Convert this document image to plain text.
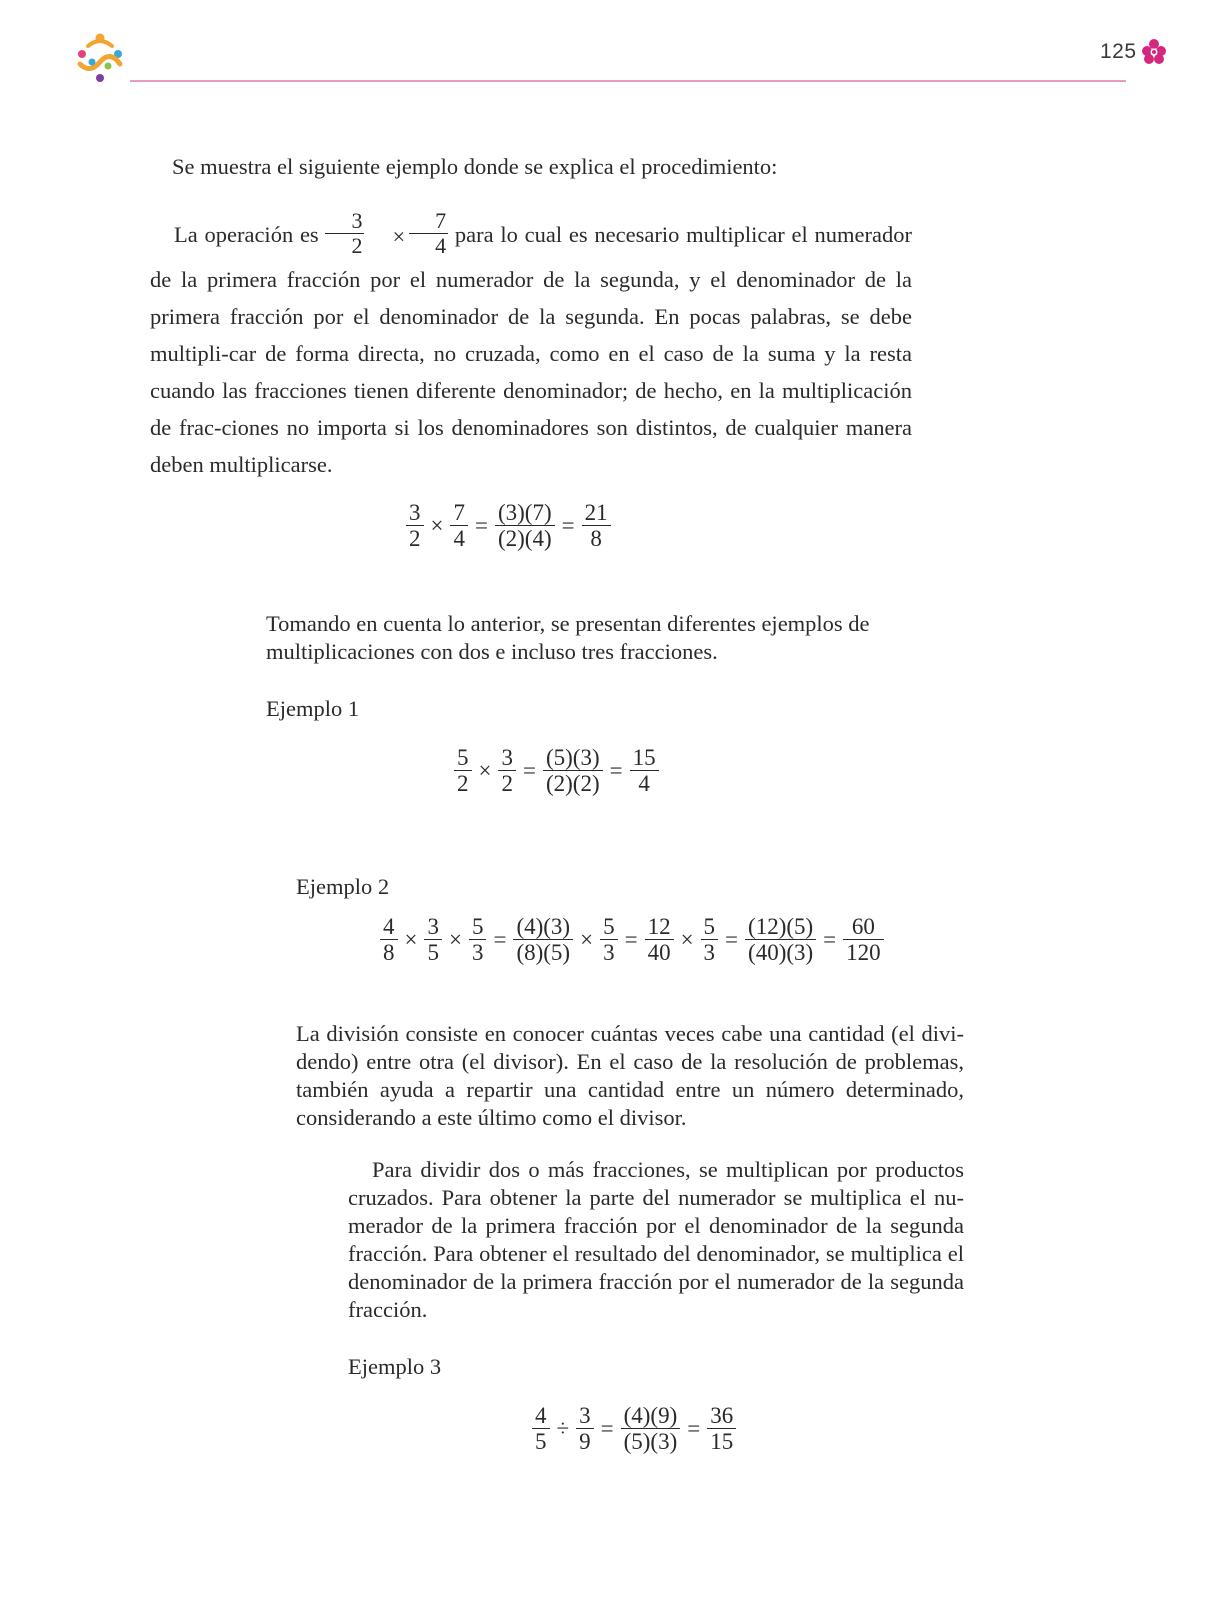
125

Se muestra el siguiente ejemplo donde se explica el procedimiento:

La operación es $\frac{3}{2} \times \frac{7}{4}$ para lo cual es necesario multiplicar el numerador de la primera fracción por el numerador de la segunda, y el denominador de la primera fracción por el denominador de la segunda. En pocas palabras, se debe multipli-car de forma directa, no cruzada, como en el caso de la suma y la resta cuando las fracciones tienen diferente denominador; de hecho, en la multiplicación de frac-ciones no importa si los denominadores son distintos, de cualquier manera deben multiplicarse.
$\frac{3}{2} \times \frac{7}{4} = \frac{(3)(7)}{(2)(4)} = \frac{21}{8}$

Tomando en cuenta lo anterior, se presentan diferentes ejemplos de multiplicaciones con dos e incluso tres fracciones.

Ejemplo 1

$\frac{5}{2} \times \frac{3}{2} = \frac{(5)(3)}{(2)(2)} = \frac{15}{4}$

Ejemplo 2

$\frac{4}{8} \times \frac{3}{5} \times \frac{5}{3} = \frac{(4)(3)}{(8)(5)} \times \frac{5}{3} = \frac{12}{40} \times \frac{5}{3} = \frac{(12)(5)}{(40)(3)} = \frac{60}{120}$

La división consiste en conocer cuántas veces cabe una cantidad (el divi-dendo) entre otra (el divisor). En el caso de la resolución de problemas, también ayuda a repartir una cantidad entre un número determinado, considerando a este último como el divisor.

Para dividir dos o más fracciones, se multiplican por productos cruzados. Para obtener la parte del numerador se multiplica el nu-merador de la primera fracción por el denominador de la segunda fracción. Para obtener el resultado del denominador, se multiplica el denominador de la primera fracción por el numerador de la segunda fracción.

Ejemplo 3

$\frac{4}{5} \div \frac{3}{9} = \frac{(4)(9)}{(5)(3)} = \frac{36}{15}$
